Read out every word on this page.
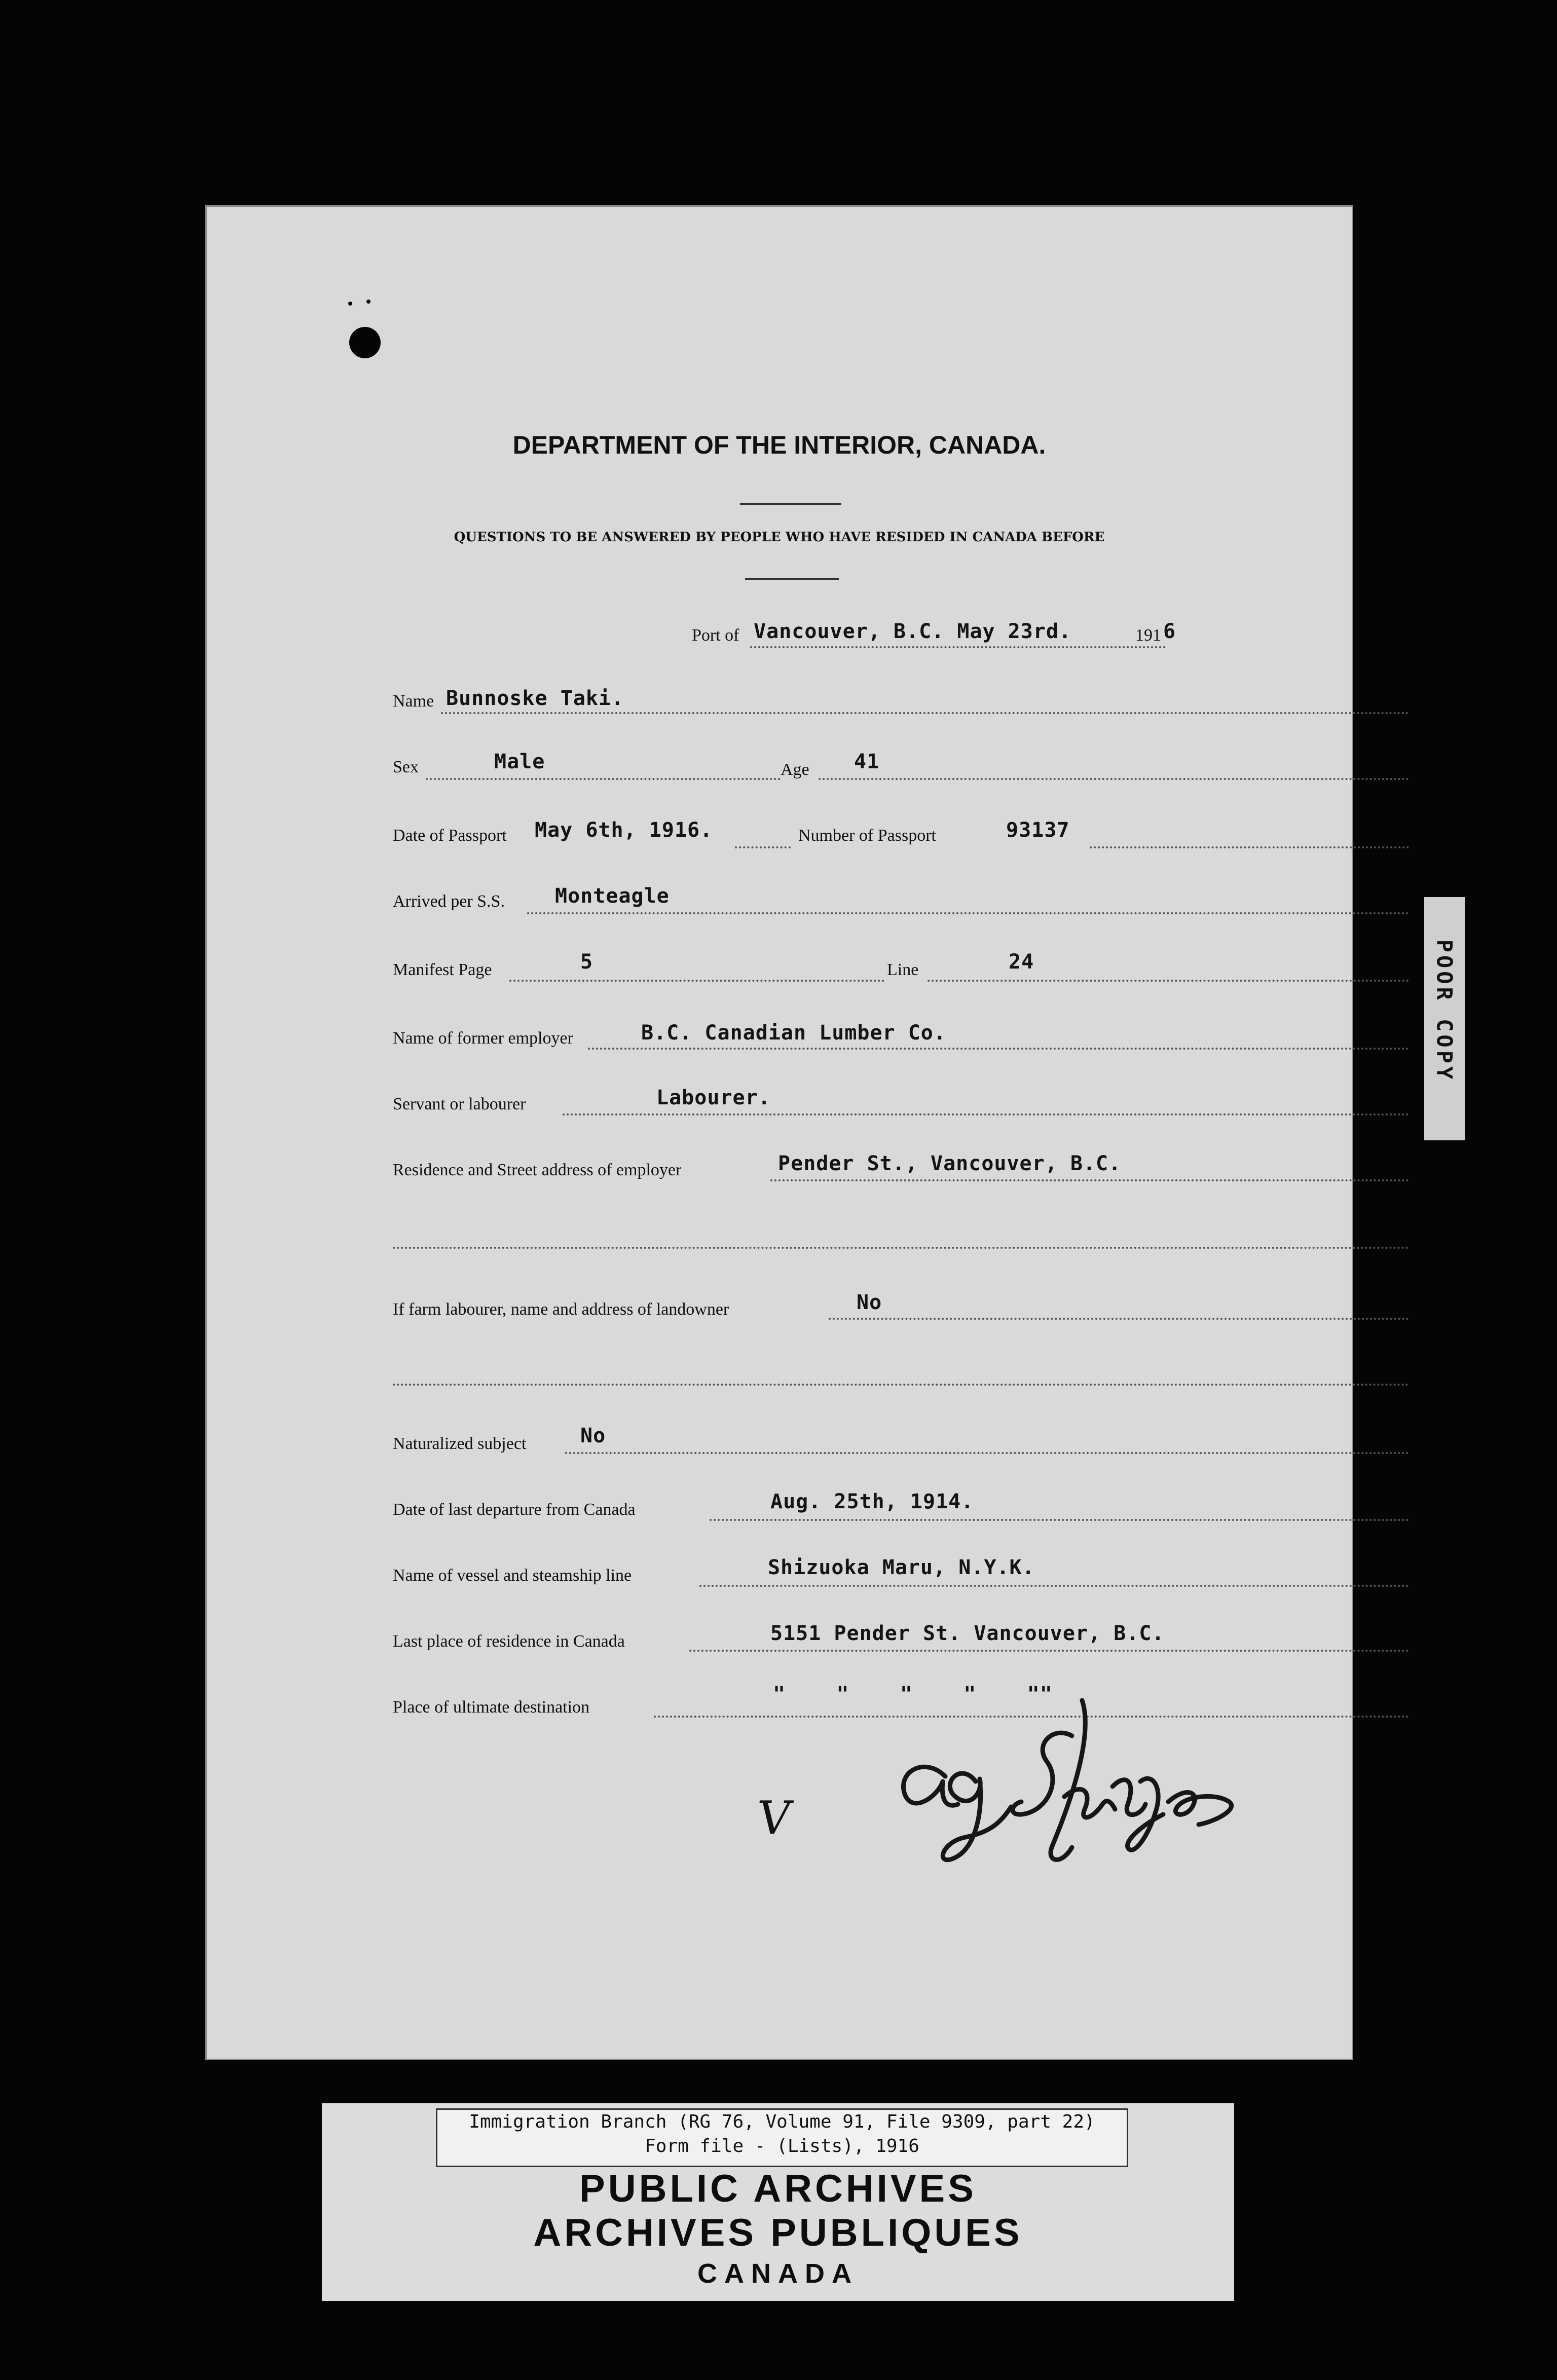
DEPARTMENT OF THE INTERIOR, CANADA.
QUESTIONS TO BE ANSWERED BY PEOPLE WHO HAVE RESIDED IN CANADA BEFORE
Port of Vancouver, B.C. May 23rd.	191 6
Name Bunnoske Taki.
Sex	Male	Age 41
Date of Passport May 6th, 1916.	Number of Passport	93137
Arrived per S.S. Monteagle
Manifest Page	5	Line	24
Name of former employer	B.C. Canadian Lumber Co.
Servant or labourer	Labourer.
Residence and Street address of employer	Pender St., Vancouver, B.C.
If farm labourer, name and address of landowner	No
Naturalized subject	No
Date of last departure from Canada	Aug. 25th, 1914.
Name of vessel and steamship line	Shizuoka Maru, N.Y.K.
Last place of residence in Canada	5151 Pender St. Vancouver, B.C.
Place of ultimate destination
"    "    "    "    ""
V
POOR COPY
Immigration Branch (RG 76, Volume 91, File 9309, part 22)
Form file - (Lists), 1916
PUBLIC ARCHIVES
ARCHIVES PUBLIQUES
CANADA
